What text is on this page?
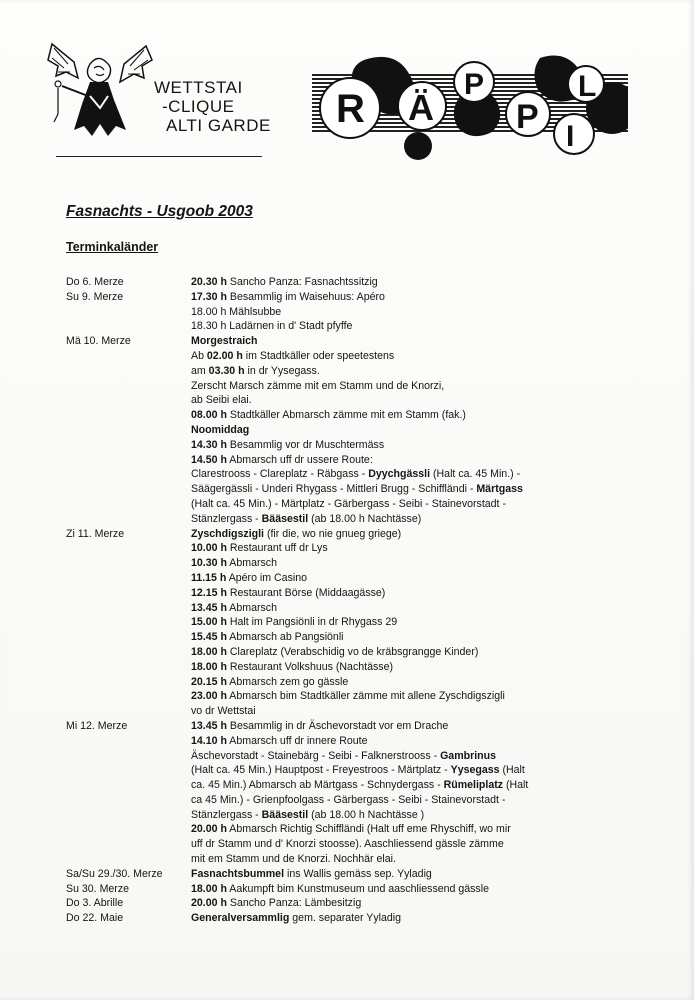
WETTSTAI
-CLIQUE
ALTI GARDE R Ä
P
P
L
I
Fasnachts - Usgoob 2003
Terminkaländer
Do 6. Merze	20.30 h Sancho Panza: Fasnachtssitzig
Su 9. Merze	17.30 h Besammlig im Waisehuus: Apéro
18.00 h Mählsubbe
18.30 h Ladärnen in d' Stadt pfyffe
Mä 10. Merze	Morgestraich
Ab 02.00 h im Stadtkäller oder speetestens
am 03.30 h in dr Yysegass.
Zerscht Marsch zämme mit em Stamm und de Knorzi,
ab Seibi elai.
08.00 h Stadtkäller Abmarsch zämme mit em Stamm (fak.)
Noomiddag
14.30 h Besammlig vor dr Muschtermäss
14.50 h Abmarsch uff dr ussere Route:
Clarestrooss - Clareplatz - Räbgass - Dyychgässli (Halt ca. 45 Min.) -
Säägergässli - Underi Rhygass - Mittleri Brugg - Schiffländi - Märtgass
(Halt ca. 45 Min.) - Märtplatz - Gärbergass - Seibi - Stainevorstadt -
Stänzlergass - Bääsestil (ab 18.00 h Nachtässe)
Zi 11. Merze	Zyschdigszigli (fir die, wo nie gnueg griege)
10.00 h Restaurant uff dr Lys
10.30 h Abmarsch
11.15 h Apéro im Casino
12.15 h Restaurant Börse (Middaagässe)
13.45 h Abmarsch
15.00 h Halt im Pangsiönli in dr Rhygass 29
15.45 h Abmarsch ab Pangsiönli
18.00 h Clareplatz (Verabschidig vo de kräbsgrangge Kinder)
18.00 h Restaurant Volkshuus (Nachtässe)
20.15 h Abmarsch zem go gässle
23.00 h Abmarsch bim Stadtkäller zämme mit allene Zyschdigszigli
vo dr Wettstai
Mi 12. Merze	13.45 h Besammlig in dr Äschevorstadt vor em Drache
14.10 h Abmarsch uff dr innere Route
Äschevorstadt - Stainebärg - Seibi - Falknerstrooss - Gambrinus
(Halt ca. 45 Min.) Hauptpost - Freyestroos - Märtplatz - Yysegass (Halt
ca. 45 Min.) Abmarsch ab Märtgass - Schnydergass - Rümeliplatz (Halt
ca 45 Min.) - Grienpfoolgass - Gärbergass - Seibi - Stainevorstadt -
Stänzlergass - Bääsestil (ab 18.00 h Nachtässe )
20.00 h Abmarsch Richtig Schiffländi (Halt uff eme Rhyschiff, wo mir
uff dr Stamm und d' Knorzi stoosse). Aaschliessend gässle zämme
mit em Stamm und de Knorzi. Nochhär elai.
Sa/Su 29./30. Merze	Fasnachtsbummel ins Wallis gemäss sep. Yyladig
Su 30. Merze	18.00 h Aakumpft bim Kunstmuseum und aaschliessend gässle
Do 3. Abrille	20.00 h Sancho Panza: Lämbesitzig
Do 22. Maie	Generalversammlig gem. separater Yyladig
